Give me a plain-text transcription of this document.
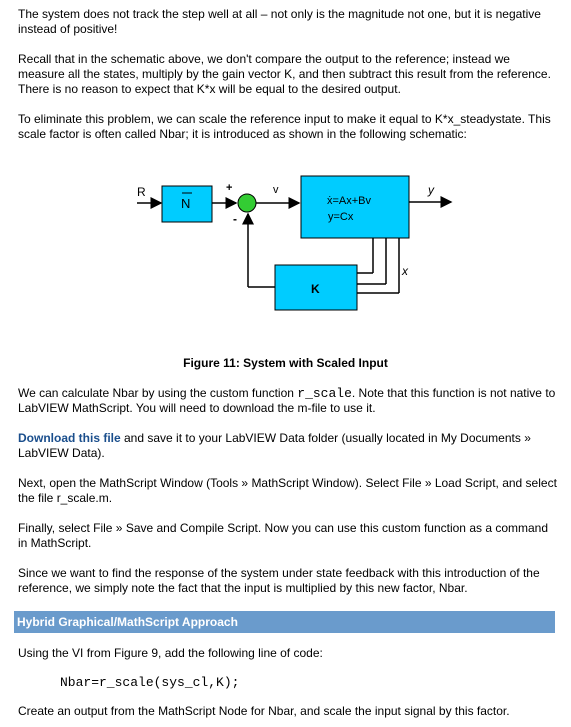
The system does not track the step well at all – not only is the magnitude not one, but it is negative instead of positive!

Recall that in the schematic above, we don't compare the output to the reference; instead we measure all the states, multiply by the gain vector K, and then subtract this result from the reference. There is no reason to expect that K*x will be equal to the desired output.

To eliminate this problem, we can scale the reference input to make it equal to K*x_steadystate. This scale factor is often called Nbar; it is introduced as shown in the following schematic:

R
N
+
-
v
ẋ=Ax+Bv
y=Cx
y
x
K
Figure 11: System with Scaled Input

We can calculate Nbar by using the custom function r_scale. Note that this function is not native to LabVIEW MathScript. You will need to download the m-file to use it.

Download this file and save it to your LabVIEW Data folder (usually located in My Documents » LabVIEW Data).

Next, open the MathScript Window (Tools » MathScript Window). Select File » Load Script, and select the file r_scale.m.

Finally, select File » Save and Compile Script. Now you can use this custom function as a command in MathScript.

Since we want to find the response of the system under state feedback with this introduction of the reference, we simply note the fact that the input is multiplied by this new factor, Nbar.

Hybrid Graphical/MathScript Approach

Using the VI from Figure 9, add the following line of code:

Nbar=r_scale(sys_cl,K);

Create an output from the MathScript Node for Nbar, and scale the input signal by this factor.
